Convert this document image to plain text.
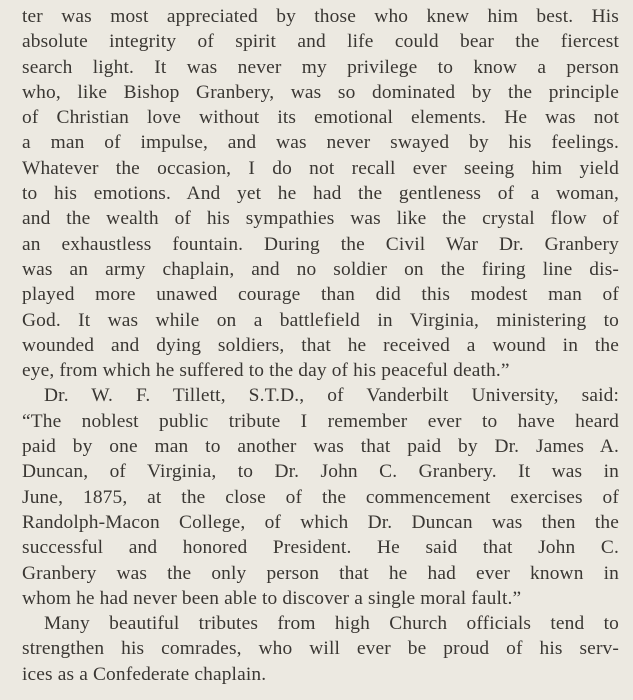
ter was most appreciated by those who knew him best. His
absolute integrity of spirit and life could bear the fiercest
search light. It was never my privilege to know a person
who, like Bishop Granbery, was so dominated by the principle
of Christian love without its emotional elements. He was not
a man of impulse, and was never swayed by his feelings.
Whatever the occasion, I do not recall ever seeing him yield
to his emotions. And yet he had the gentleness of a woman,
and the wealth of his sympathies was like the crystal flow of
an exhaustless fountain. During the Civil War Dr. Granbery
was an army chaplain, and no soldier on the firing line dis-
played more unawed courage than did this modest man of
God. It was while on a battlefield in Virginia, ministering to
wounded and dying soldiers, that he received a wound in the
eye, from which he suffered to the day of his peaceful death.”
Dr. W. F. Tillett, S.T.D., of Vanderbilt University, said:
“The noblest public tribute I remember ever to have heard
paid by one man to another was that paid by Dr. James A.
Duncan, of Virginia, to Dr. John C. Granbery. It was in
June, 1875, at the close of the commencement exercises of
Randolph-Macon College, of which Dr. Duncan was then the
successful and honored President. He said that John C.
Granbery was the only person that he had ever known in
whom he had never been able to discover a single moral fault.”
Many beautiful tributes from high Church officials tend to
strengthen his comrades, who will ever be proud of his serv-
ices as a Confederate chaplain.
